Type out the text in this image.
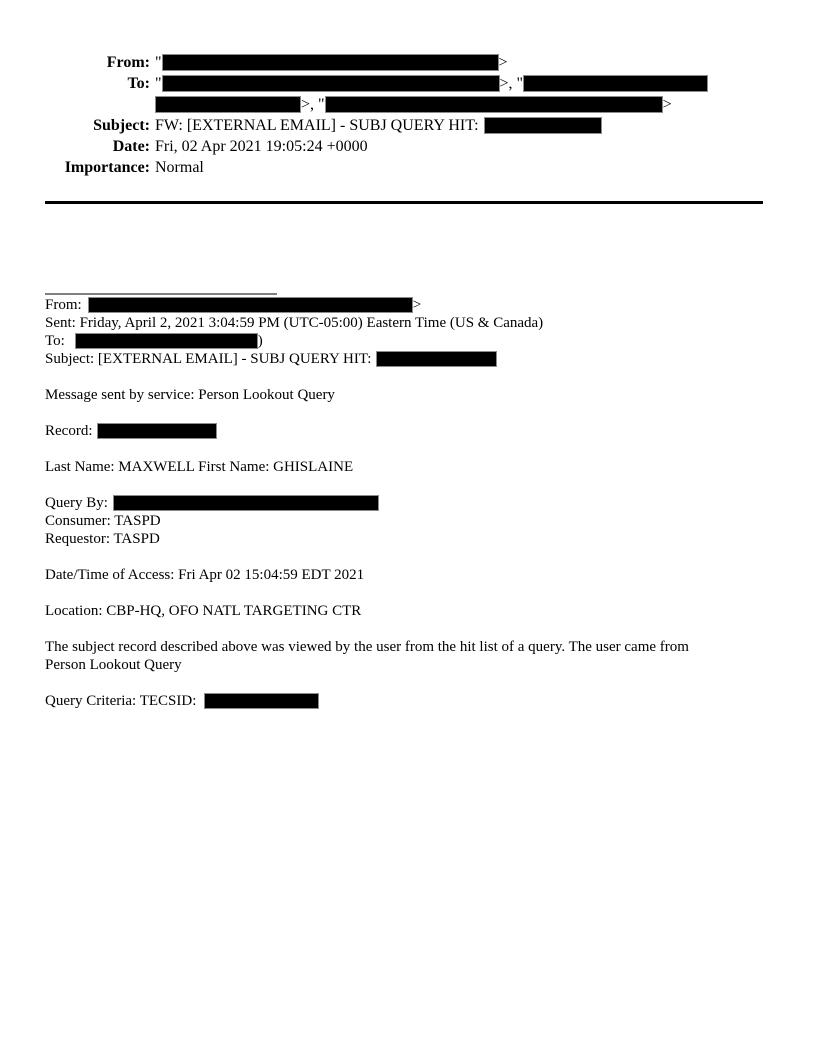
From: "	>
To: "	>, "
>, "	>
Subject: FW: [EXTERNAL EMAIL] - SUBJ QUERY HIT:
Date: Fri, 02 Apr 2021 19:05:24 +0000
Importance: Normal

From:	>
Sent: Friday, April 2, 2021 3:04:59 PM (UTC-05:00) Eastern Time (US & Canada)
To:	)
Subject: [EXTERNAL EMAIL] - SUBJ QUERY HIT:

Message sent by service: Person Lookout Query

Record:

Last Name: MAXWELL First Name: GHISLAINE

Query By:
Consumer: TASPD
Requestor: TASPD

Date/Time of Access: Fri Apr 02 15:04:59 EDT 2021

Location: CBP-HQ, OFO NATL TARGETING CTR

The subject record described above was viewed by the user from the hit list of a query. The user came from
Person Lookout Query

Query Criteria: TECSID:
